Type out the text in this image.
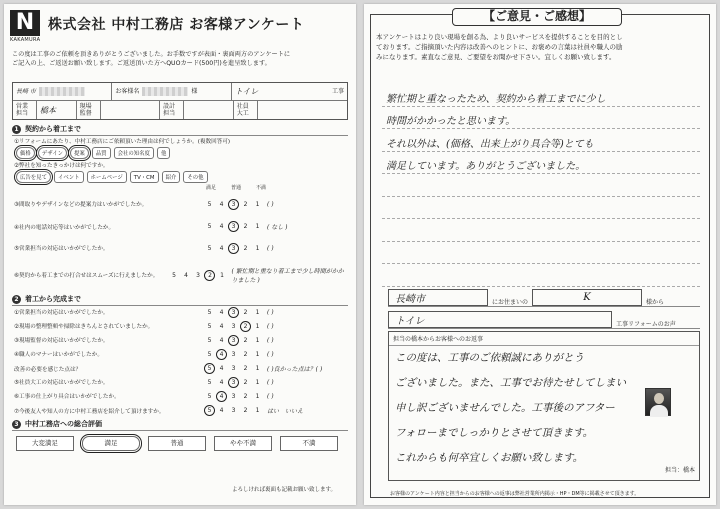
N
KAKAMURA
株式会社 中村工務店 お客様アンケート
この度は工事のご依頼を頂きありがとうございました。お手数ですが表面・裏面両方のアンケートに
ご記入の上、ご返送お願い致します。ご返送頂いた方へQUOカード(500円)を進呈致します。
長崎 市	お客様名	様	トイレ	工事
営業担当	橋本	現場監督
設計担当
社員大工
1 契約から着工まで
①リフォームにあたり、中村工務店にご依頼頂いた理由は何でしょうか。(複数回答可)
価格	デザイン	提案	品質	会社の知名度	他
②弊社を知ったきっかけは何ですか。
広告を見て	イベント	ホームページ	TV・CM	紹介	その他
満足	普通	不満
③間取りやデザインなどの提案力はいかがでしたか。	5 4 3 2 1 ( )
④社内の電話対応等はいかがでしたか。	5 4 3 2 1 ( なし )
⑤営業担当の対応はいかがでしたか。	5 4 3 2 1 ( )
⑥契約から着工までの打合せはスムーズに行えましたか。	5 4 3 2 1 ( 繁忙期と重なり着工まで少し時間がかかりました )
2 着工から完成まで
①営業担当の対応はいかがでしたか。	5 4 3 2 1 ( )
②現場の整理整頓や掃除はきちんとされていましたか。	5 4 3 2 1 ( )
③現場監督の対応はいかがでしたか。	5 4 3 2 1 ( )
④職人のマナーはいかがでしたか。	5 4 3 2 1 ( )
改善の必要を感じた点は？	5 4 3 2 1 ( )良かった点は？( )
⑤社員大工の対応はいかがでしたか。	5 4 3 2 1 ( )
⑥工事の仕上がり具合はいかがでしたか。	5 4 3 2 1 ( )
⑦今後友人や知人の方に中村工務店を紹介して頂けますか。	5 4 3 2 1 はい　いいえ
3 中村工務店への総合評価
大変満足	満足	普通	やや不満	不満
よろしければ裏面も記載お願い致します。
【ご意見・ご感想】
本アンケートはより良い現場を創る為、より良いサービスを提供することを目的とし
ております。ご指摘頂いた内容は改善へのヒントに、お褒めの言葉は社員や職人の励
みになります。素直なご意見、ご要望をお聞かせ下さい。宜しくお願い致します。
繁忙期と重なったため、契約から着工までに少し
時間がかかったと思います。
それ以外は、(価格、出来上がり具合等)とても
満足しています。ありがとうございました。
長崎市	にお住まいの	K	様から
トイレ	工事リフォームのお声
担当の橋本からお客様へのお返事
この度は、工事のご依頼誠にありがとう
ございました。また、工事でお待たせしてしまい
申し訳ございませんでした。工事後のアフター
フォローまでしっかりとさせて頂きます。
これからも何卒宜しくお願い致します。
担当：橋本
お客様のアンケート内容と担当からのお客様への返事は弊社営業所内掲示・HP・DM等に掲載させて頂きます。
